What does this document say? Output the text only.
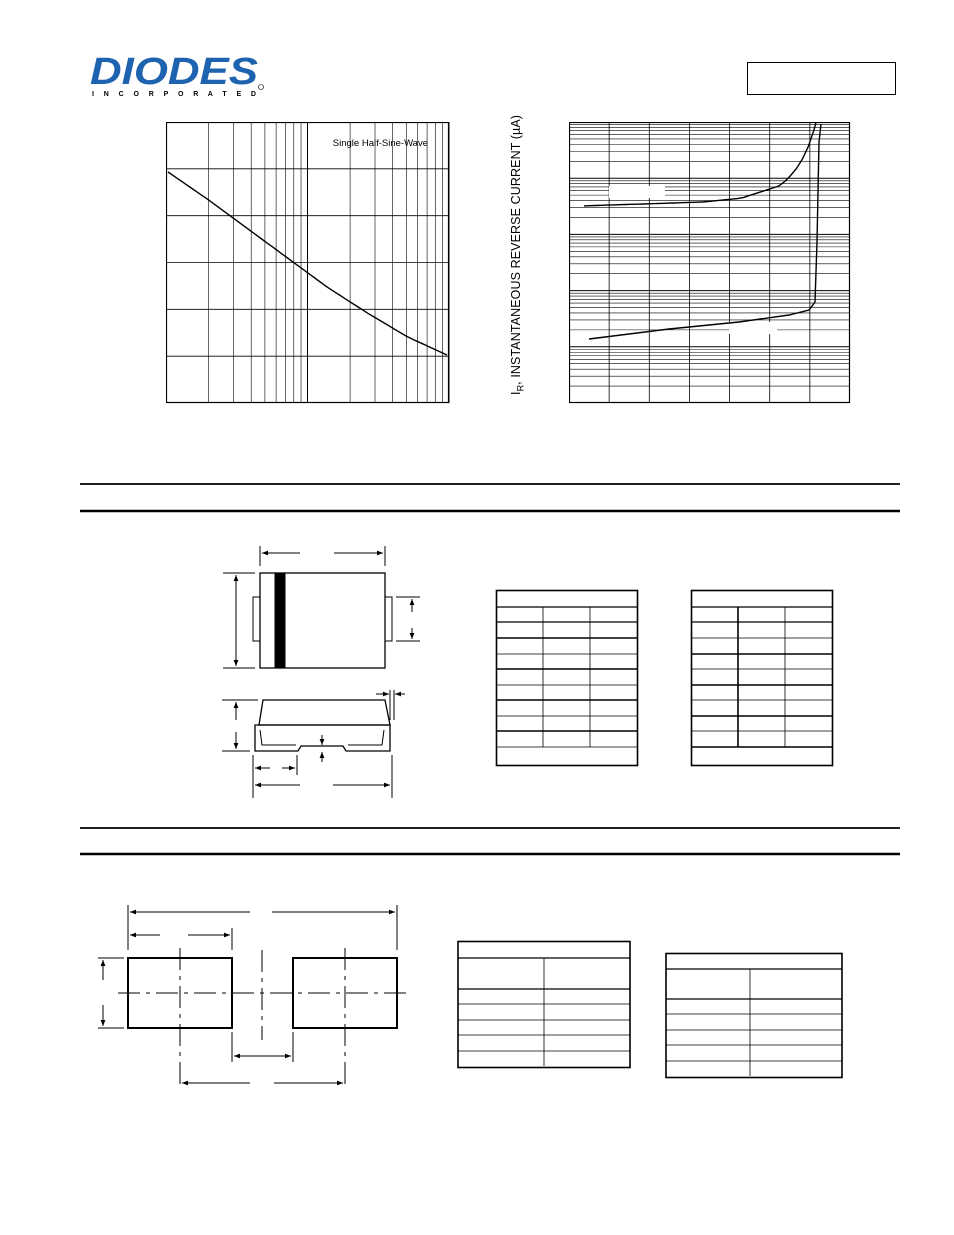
DIODES
I N C O R P O R A T E D
Single Half-Sine-Wave
$I_R$, INSTANTANEOUS REVERSE CURRENT (µA)
